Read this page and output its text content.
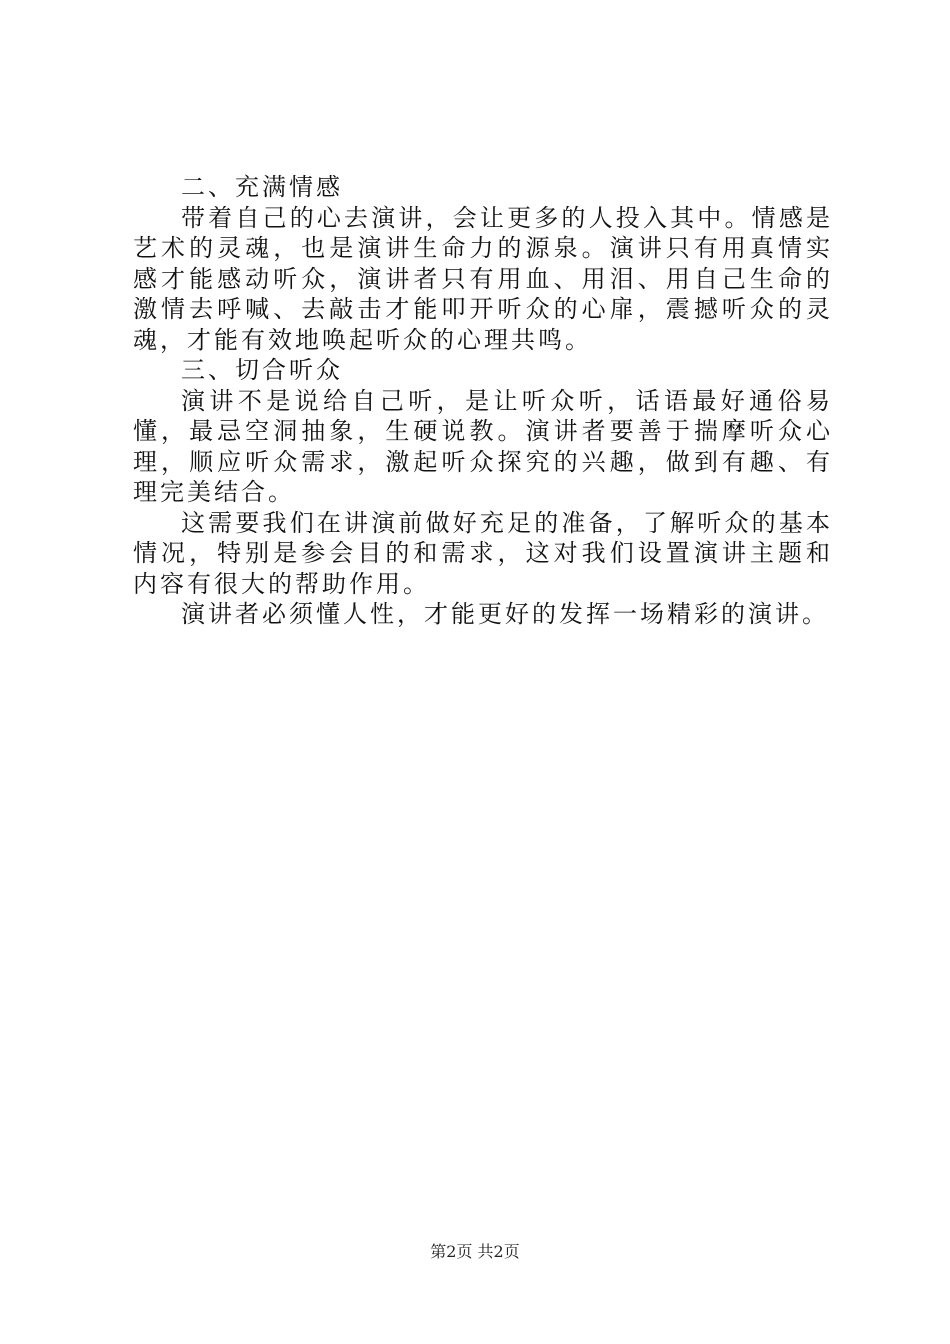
二、充满情感

带着自己的心去演讲，会让更多的人投入其中。情感是艺术的灵魂，也是演讲生命力的源泉。演讲只有用真情实感才能感动听众，演讲者只有用血、用泪、用自己生命的激情去呼喊、去敲击才能叩开听众的心扉，震撼听众的灵魂，才能有效地唤起听众的心理共鸣。

三、切合听众

演讲不是说给自己听，是让听众听，话语最好通俗易懂，最忌空洞抽象，生硬说教。演讲者要善于揣摩听众心理，顺应听众需求，激起听众探究的兴趣，做到有趣、有理完美结合。

这需要我们在讲演前做好充足的准备，了解听众的基本情况，特别是参会目的和需求，这对我们设置演讲主题和内容有很大的帮助作用。

演讲者必须懂人性，才能更好的发挥一场精彩的演讲。

第2页 共2页
